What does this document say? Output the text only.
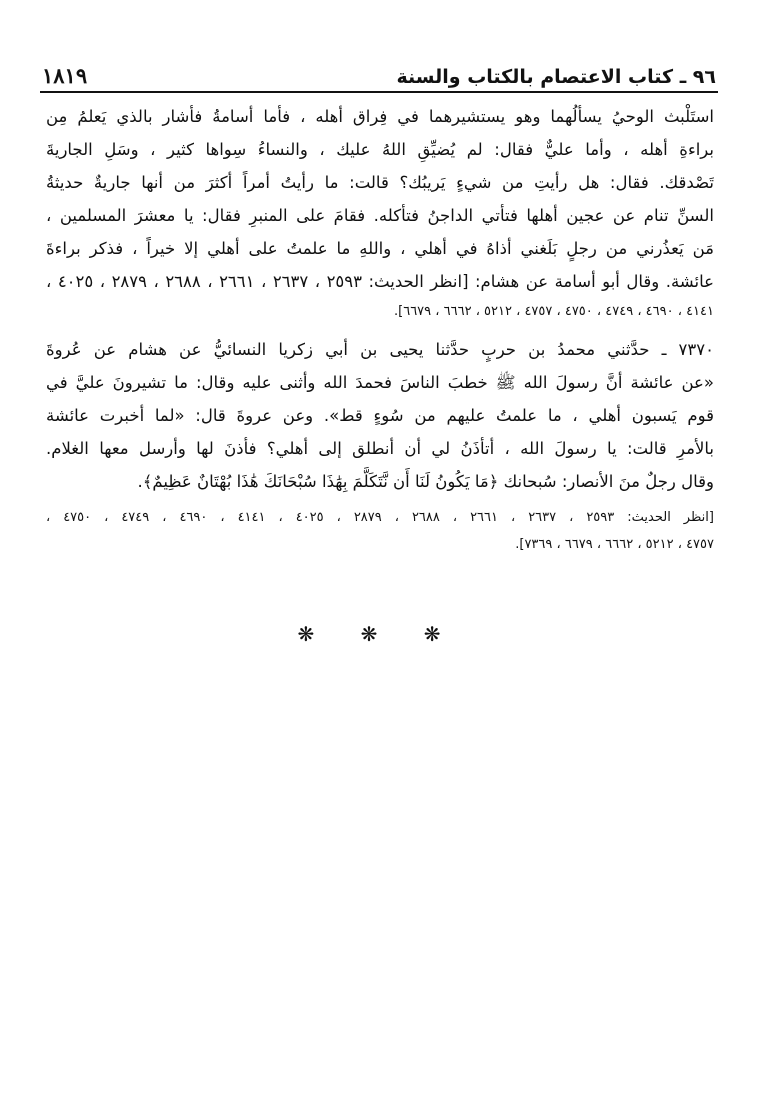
١٨١٩	٩٦ ـ كتاب الاعتصام بالكتاب والسنة
استَلْبث الوحيُ يسألُهما وهو يستشيرهما في فِراق أهله ، فأما أسامةُ فأشار بالذي يَعلمُ مِن
براءةِ أهله ، وأما عليٌّ فقال: لم يُضيِّقِ اللهُ عليك ، والنساءُ سِواها كثير ، وسَلِ الجاريةَ
تَصْدقك. فقال: هل رأيتِ من شيءٍ يَريبُك؟ قالت: ما رأيتُ أمراً أكثرَ من أنها جاريةٌ حديثةُ
السنِّ تنام عن عجين أهلها فتأتي الداجنُ فتأكله. فقامَ على المنبرِ فقال: يا معشرَ المسلمين ،
مَن يَعذُرني من رجلٍ بَلَغني أذاهُ في أهلي ، واللهِ ما علمتُ على أهلي إلا خيراً ، فذكر براءةَ
عائشة. وقال أبو أسامة عن هشام: [انظر الحديث: ٢٥٩٣ ، ٢٦٣٧ ، ٢٦٦١ ، ٢٦٨٨ ، ٢٨٧٩ ، ٤٠٢٥ ،
٤١٤١ ، ٤٦٩٠ ، ٤٧٤٩ ، ٤٧٥٠ ، ٤٧٥٧ ، ٥٢١٢ ، ٦٦٦٢ ، ٦٦٧٩].
٧٣٧٠ ـ حدَّثني محمدُ بن حربٍ حدَّثنا يحيى بن أبي زكريا النسائيُّ عن هشام عن عُروةَ
«عن عائشة أنَّ رسولَ الله ﷺ خطبَ الناسَ فحمدَ الله وأثنى عليه وقال: ما تشيرونَ عليَّ في
قوم يَسبون أهلي ، ما علمتُ عليهم من سُوءٍ قط». وعن عروةَ قال: «لما أخبرت عائشة
بالأمرِ قالت: يا رسولَ الله ، أتأذَنُ لي أن أنطلق إلى أهلي؟ فأذنَ لها وأرسل معها الغلام.
وقال رجلٌ منَ الأنصار: سُبحانك ﴿مَا يَكُونُ لَنَا أَن نَّتَكَلَّمَ بِهَٰذَا سُبْحَانَكَ هَٰذَا بُهْتَانٌ عَظِيمٌ﴾.
[انظر الحديث: ٢٥٩٣ ، ٢٦٣٧ ، ٢٦٦١ ، ٢٦٨٨ ، ٢٨٧٩ ، ٤٠٢٥ ، ٤١٤١ ، ٤٦٩٠ ، ٤٧٤٩ ، ٤٧٥٠ ،
٤٧٥٧ ، ٥٢١٢ ، ٦٦٦٢ ، ٦٦٧٩ ، ٧٣٦٩].
❋ ❋ ❋
